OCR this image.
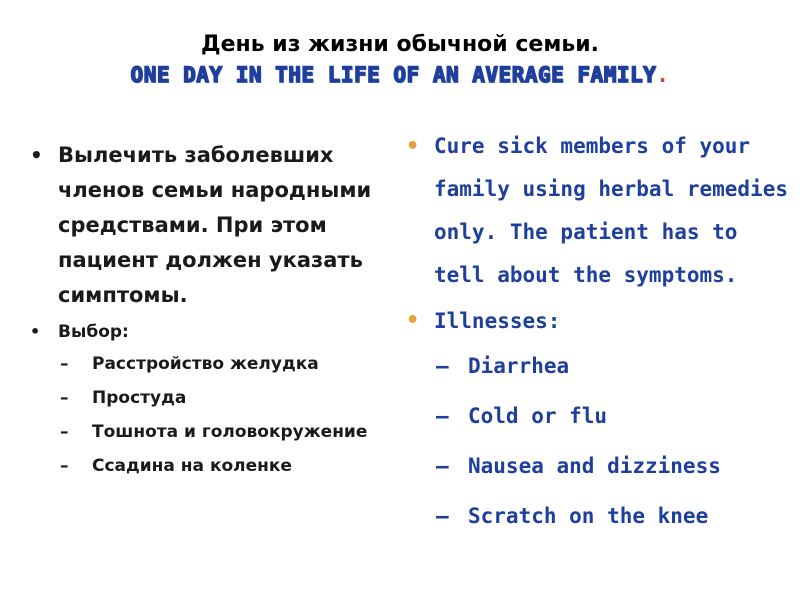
День из жизни обычной семьи.
ONE DAY IN THE LIFE OF AN AVERAGE FAMILY.
• Вылечить заболевших членов семьи народными средствами. При этом пациент должен указать симптомы.
• Выбор:
– Расстройство желудка
– Простуда
– Тошнота и головокружение
– Ссадина на коленке
• Cure sick members of your family using herbal remedies only. The patient has to tell about the symptoms.
• Illnesses:
– Diarrhea
– Cold or flu
– Nausea and dizziness
– Scratch on the knee
